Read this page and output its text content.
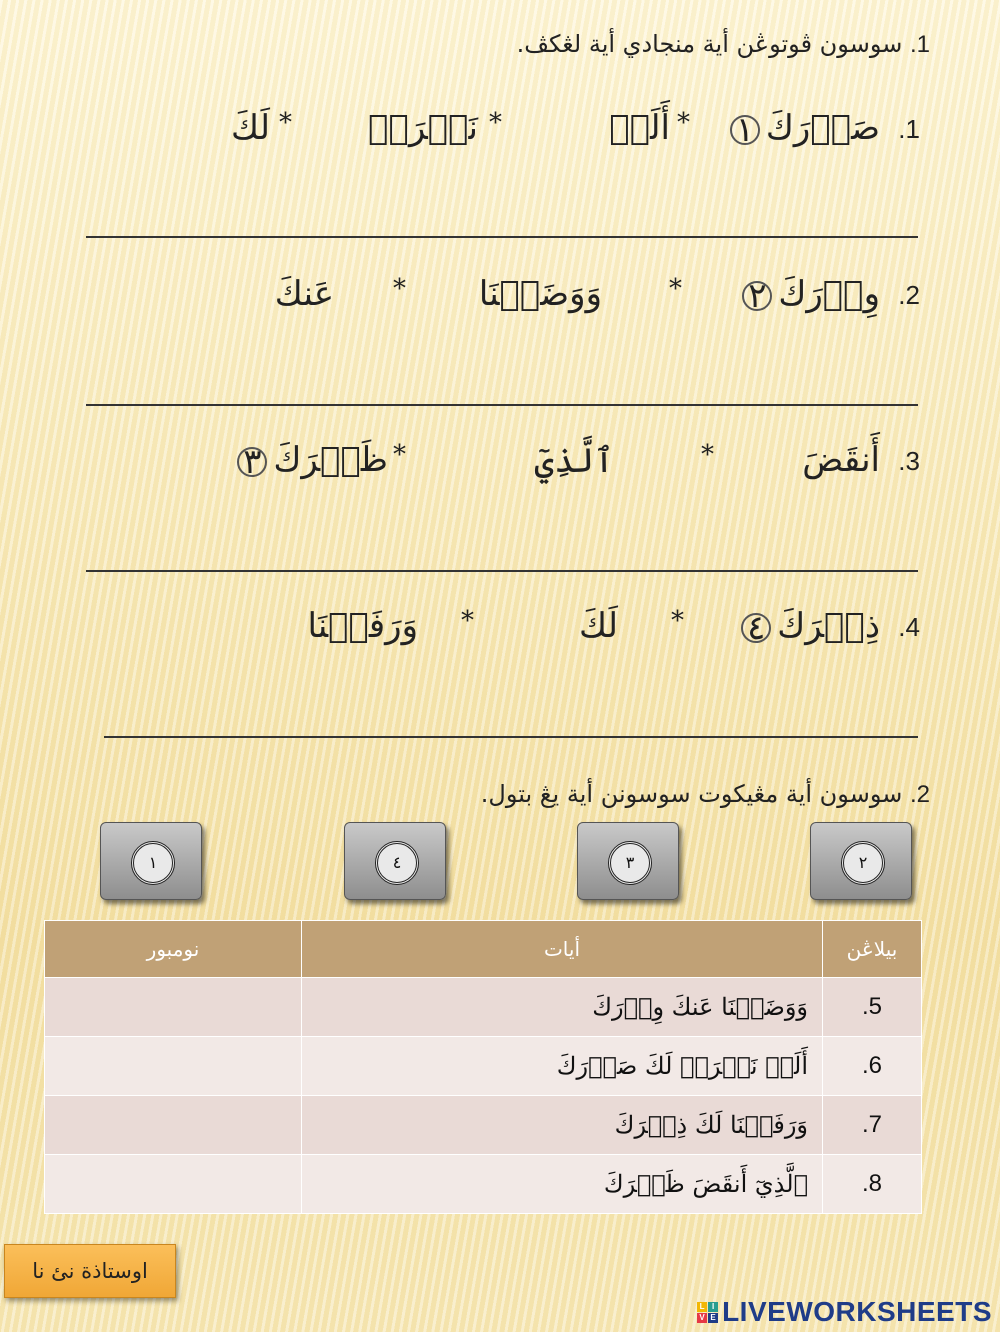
1. سوسون ڤوتوڠن أية منجادي أية لڠكڤ.
1.
صَدۡرَكَ١
*
أَلَمۡ
*
نَشۡرَحۡ
*
لَكَ
2.
وِزۡرَكَ٢
*
وَوَضَعۡنَا
*
عَنكَ
3.
أَنقَضَ
*
ٱلَّذِيٓ
*
ظَهۡرَكَ٣
4.
ذِكۡرَكَ٤
*
لَكَ
*
وَرَفَعۡنَا
2. سوسون أية مڠيكوت سوسونن أية يڠ بتول.
٢
٣
٤
١
بيلاڠن	أيات	نومبور
5.	وَوَضَعۡنَا عَنكَ وِزۡرَكَ	
6.	أَلَمۡ نَشۡرَحۡ لَكَ صَدۡرَكَ	
7.	وَرَفَعۡنَا لَكَ ذِكۡرَكَ	
8.	ٱلَّذِيٓ أَنقَضَ ظَهۡرَكَ	
اوستاذة نئ نا
L I
V E LIVEWORKSHEETS
